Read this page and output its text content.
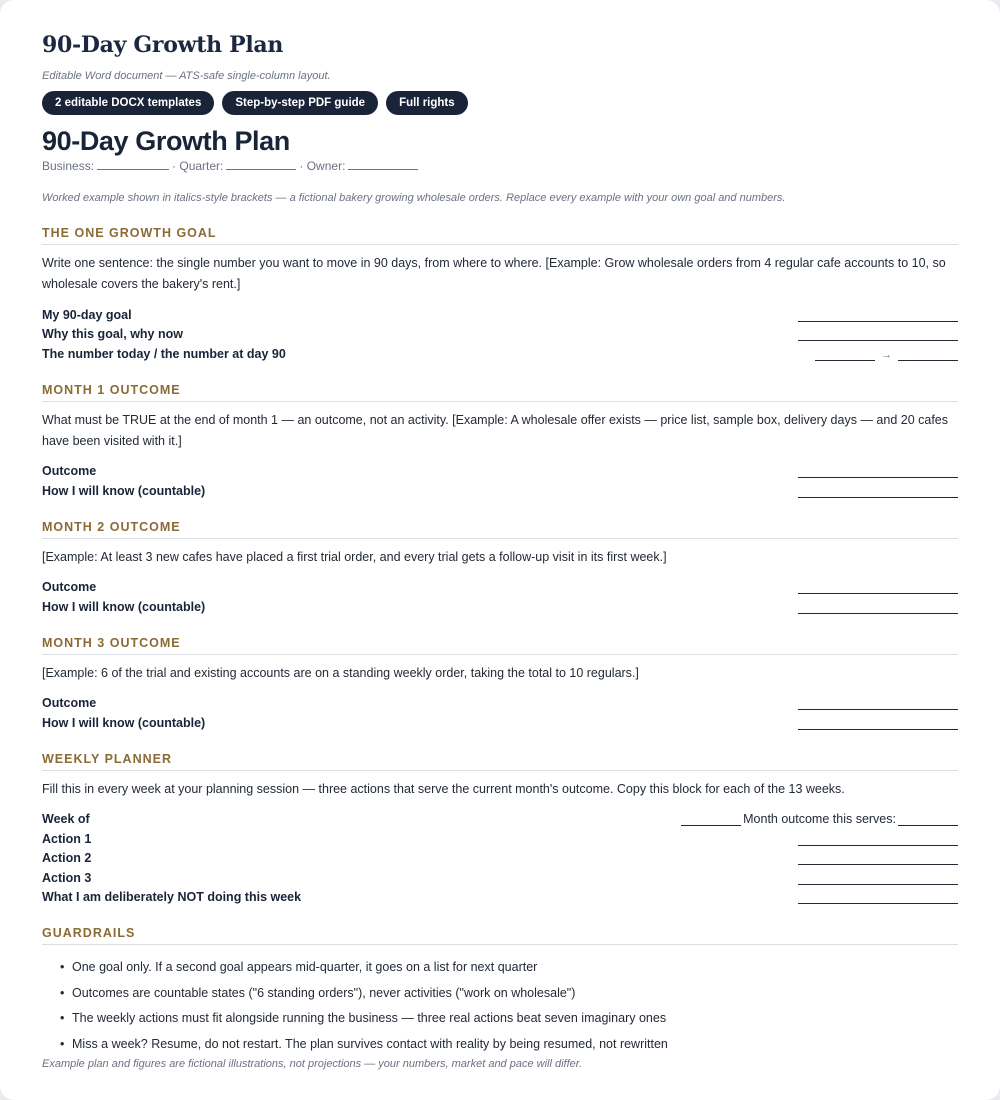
90-Day Growth Plan
Editable Word document — ATS-safe single-column layout.
2 editable DOCX templates	Step-by-step PDF guide	Full rights
90-Day Growth Plan
Business:	· Quarter:	· Owner:
Worked example shown in italics-style brackets — a fictional bakery growing wholesale orders. Replace every example with your own goal and numbers.
THE ONE GROWTH GOAL
Write one sentence: the single number you want to move in 90 days, from where to where. [Example: Grow wholesale orders from 4 regular cafe accounts to 10, so wholesale covers the bakery's rent.]
My 90-day goal
Why this goal, why now
The number today / the number at day 90	→
MONTH 1 OUTCOME
What must be TRUE at the end of month 1 — an outcome, not an activity. [Example: A wholesale offer exists — price list, sample box, delivery days — and 20 cafes have been visited with it.]
Outcome
How I will know (countable)
MONTH 2 OUTCOME
[Example: At least 3 new cafes have placed a first trial order, and every trial gets a follow-up visit in its first week.]
Outcome
How I will know (countable)
MONTH 3 OUTCOME
[Example: 6 of the trial and existing accounts are on a standing weekly order, taking the total to 10 regulars.]
Outcome
How I will know (countable)
WEEKLY PLANNER
Fill this in every week at your planning session — three actions that serve the current month's outcome. Copy this block for each of the 13 weeks.
Week of	Month outcome this serves:
Action 1
Action 2
Action 3
What I am deliberately NOT doing this week
GUARDRAILS
• One goal only. If a second goal appears mid-quarter, it goes on a list for next quarter
• Outcomes are countable states ("6 standing orders"), never activities ("work on wholesale")
• The weekly actions must fit alongside running the business — three real actions beat seven imaginary ones
• Miss a week? Resume, do not restart. The plan survives contact with reality by being resumed, not rewritten
Example plan and figures are fictional illustrations, not projections — your numbers, market and pace will differ.
